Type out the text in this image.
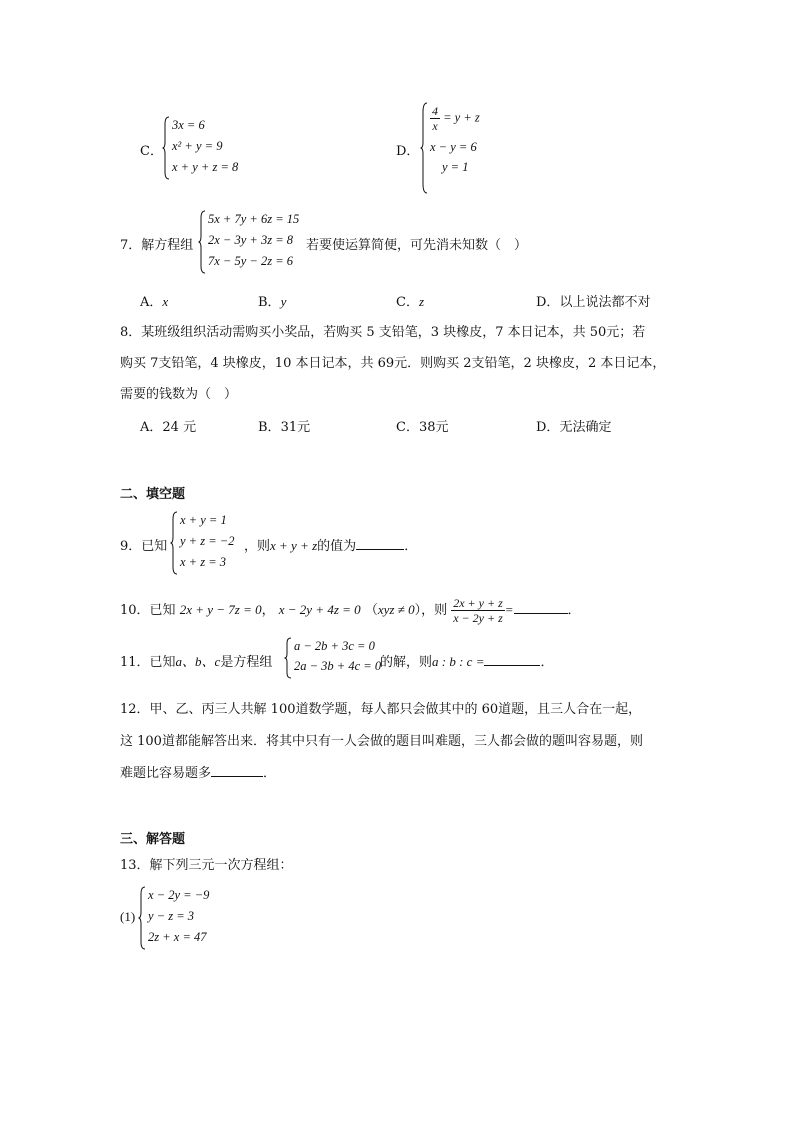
C．
3x = 6
x² + y = 9
x + y + z = 8
D．
$\frac{4}{x} = y + z$
x − y = 6
y = 1
7．解方程组
5x + 7y + 6z = 15
2x − 3y + 3z = 8
7x − 5y − 2z = 6
若要使运算简便，可先消未知数（　）
A．x	B．y	C．z	D．以上说法都不对
8．某班级组织活动需购买小奖品，若购买 5 支铅笔，3 块橡皮，7 本日记本，共 50元；若
购买 7支铅笔，4 块橡皮，10 本日记本，共 69元．则购买 2支铅笔，2 块橡皮，2 本日记本，
需要的钱数为（　）
A．24 元	B．31元	C．38元	D．无法确定
二、填空题
9．已知
x + y = 1
y + z = −2
x + z = 3
，则x + y + z的值为	．
10．已知 2x + y − 7z = 0， x − 2y + 4z = 0 （xyz ≠ 0），则 $\frac{2x + y + z}{x - 2y + z}$ =	．
11．已知a、b、c是方程组
a − 2b + 3c = 0
2a − 3b + 4c = 0
的解，则a : b : c =	．
12．甲、乙、丙三人共解 100道数学题，每人都只会做其中的 60道题，且三人合在一起，
这 100道都能解答出来．将其中只有一人会做的题目叫难题，三人都会做的题叫容易题，则
难题比容易题多	．
三、解答题
13．解下列三元一次方程组：
(1)
x − 2y = −9
y − z = 3
2z + x = 47
